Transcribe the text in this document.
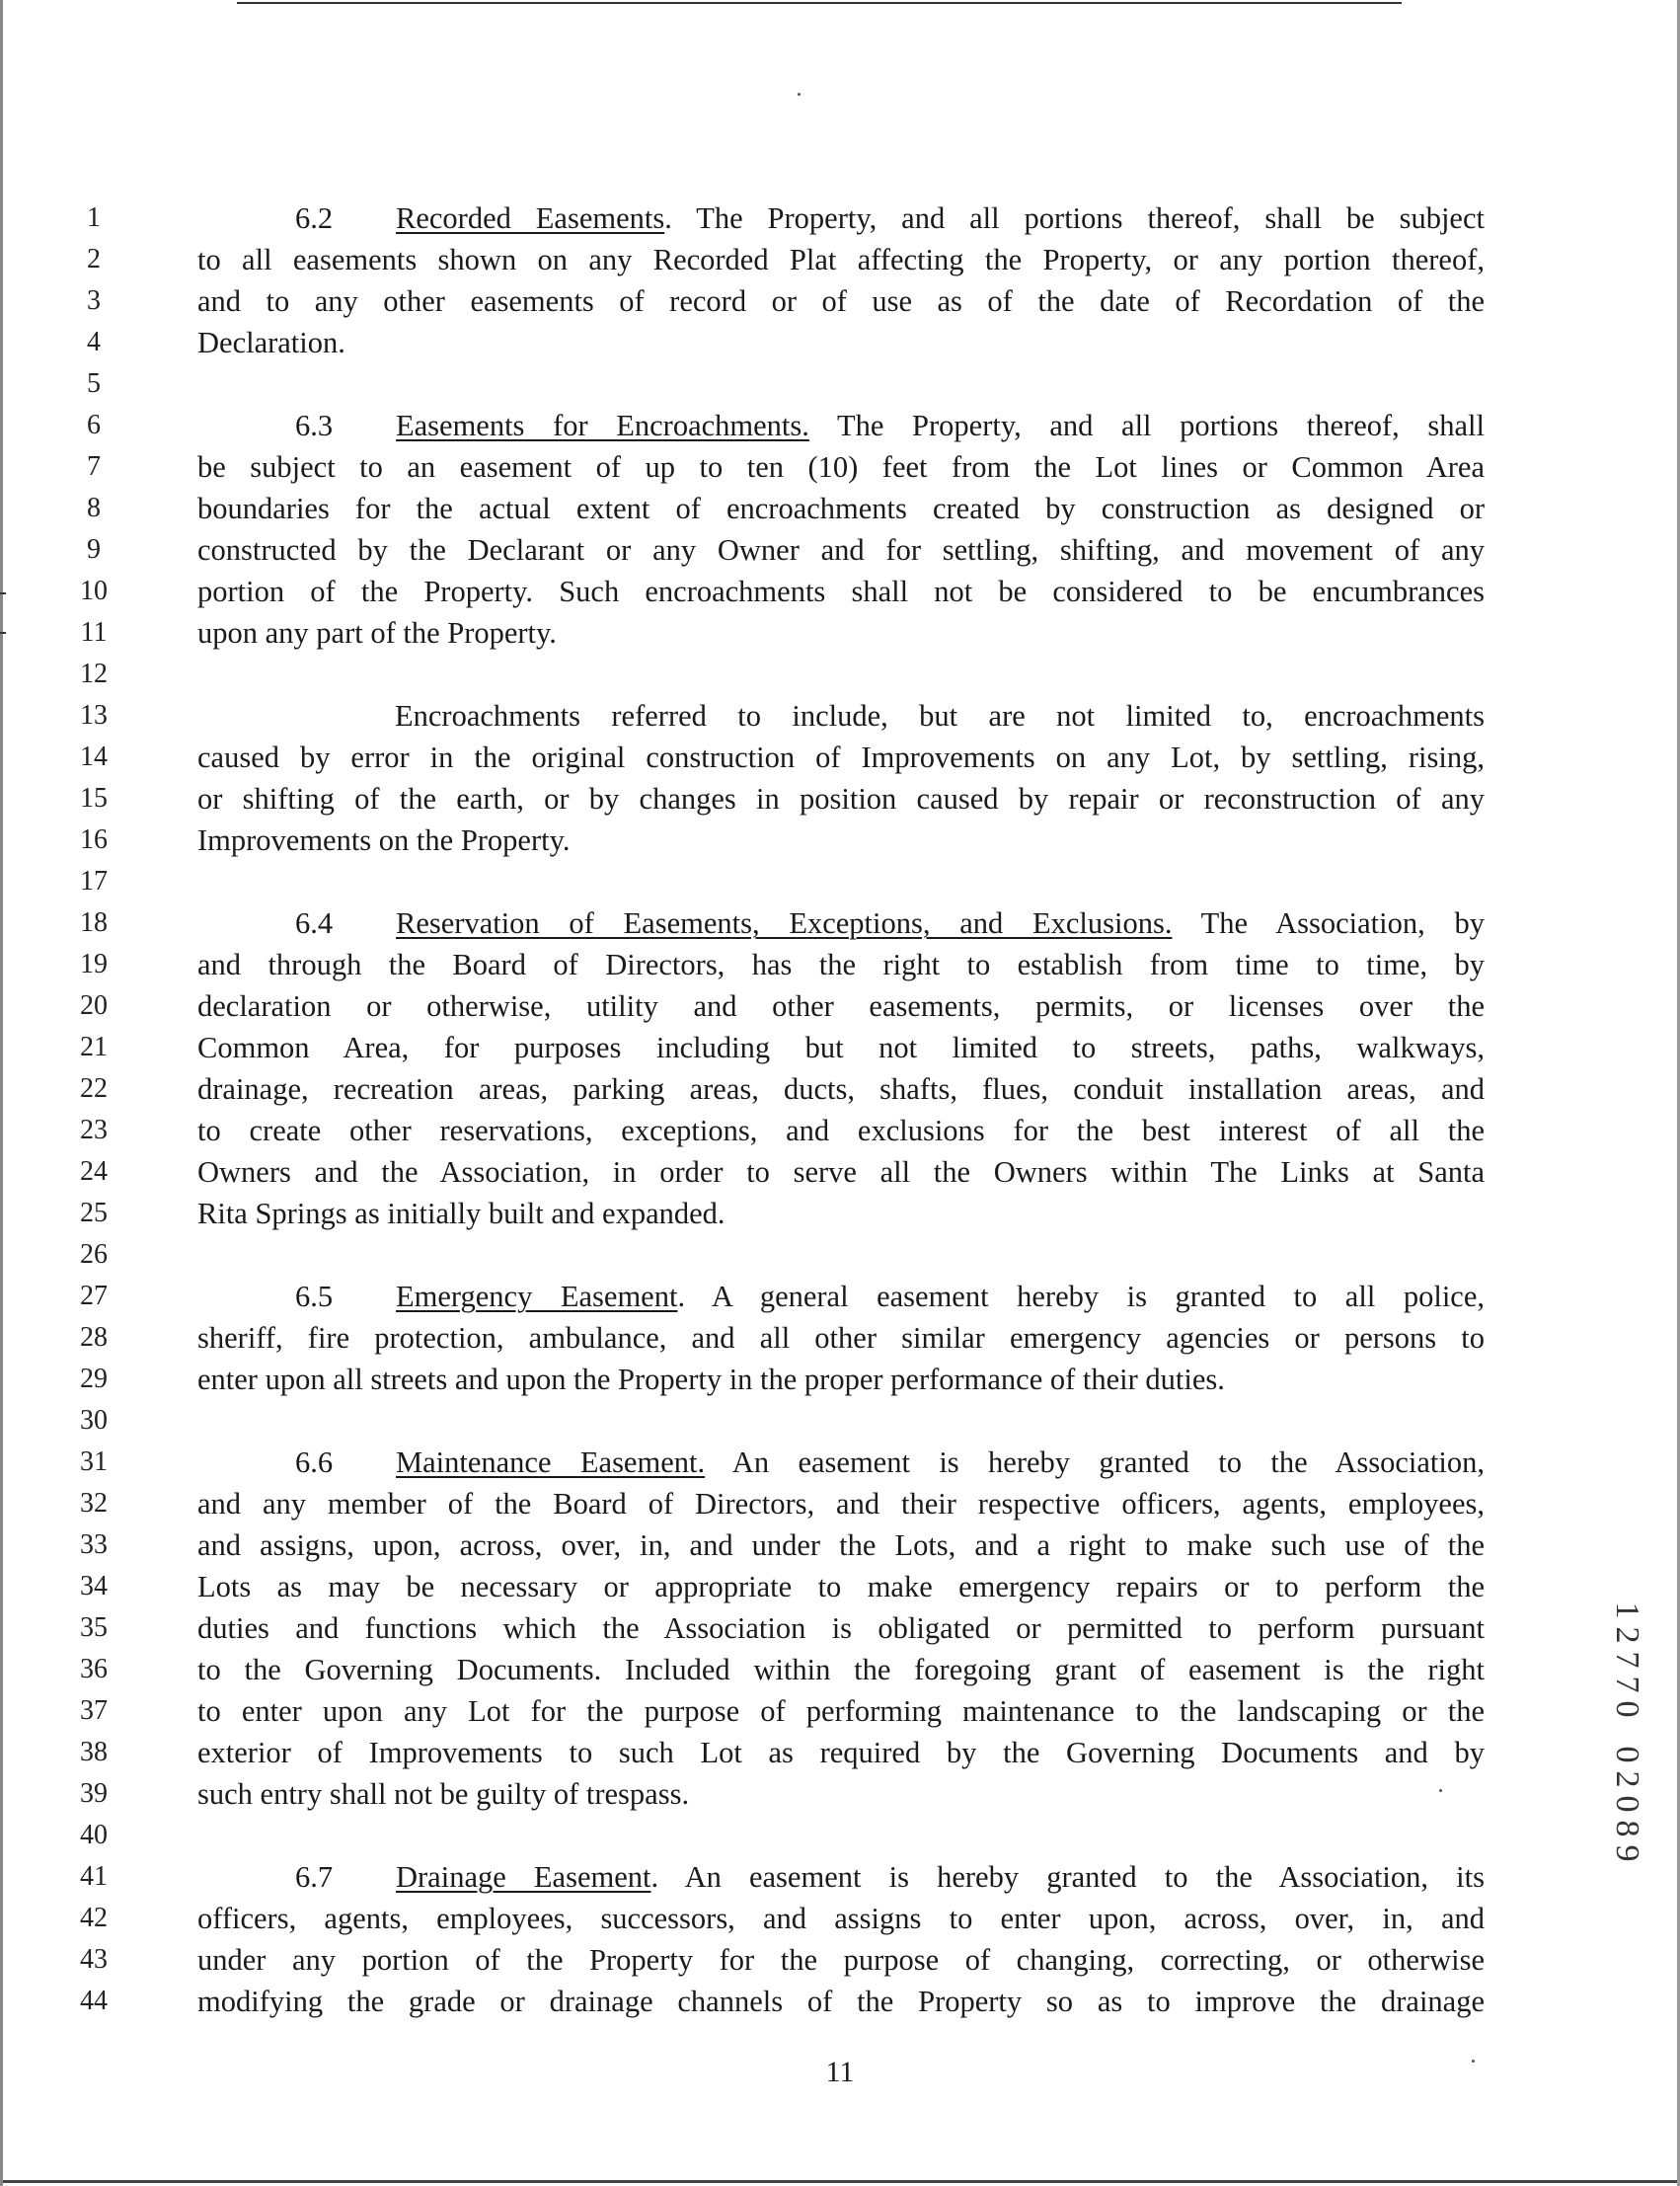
1
2
3
4
5
6
7
8
9
10
11
12
13
14
15
16
17
18
19
20
21
22
23
24
25
26
27
28
29
30
31
32
33
34
35
36
37
38
39
40
41
42
43
44
6.2 Recorded Easements. The Property, and all portions thereof, shall be subject
to all easements shown on any Recorded Plat affecting the Property, or any portion thereof,
and to any other easements of record or of use as of the date of Recordation of the
Declaration.
6.3 Easements for Encroachments. The Property, and all portions thereof, shall
be subject to an easement of up to ten (10) feet from the Lot lines or Common Area
boundaries for the actual extent of encroachments created by construction as designed or
constructed by the Declarant or any Owner and for settling, shifting, and movement of any
portion of the Property. Such encroachments shall not be considered to be encumbrances
upon any part of the Property.
Encroachments referred to include, but are not limited to, encroachments
caused by error in the original construction of Improvements on any Lot, by settling, rising,
or shifting of the earth, or by changes in position caused by repair or reconstruction of any
Improvements on the Property.
6.4 Reservation of Easements, Exceptions, and Exclusions. The Association, by
and through the Board of Directors, has the right to establish from time to time, by
declaration or otherwise, utility and other easements, permits, or licenses over the
Common Area, for purposes including but not limited to streets, paths, walkways,
drainage, recreation areas, parking areas, ducts, shafts, flues, conduit installation areas, and
to create other reservations, exceptions, and exclusions for the best interest of all the
Owners and the Association, in order to serve all the Owners within The Links at Santa
Rita Springs as initially built and expanded.
6.5 Emergency Easement. A general easement hereby is granted to all police,
sheriff, fire protection, ambulance, and all other similar emergency agencies or persons to
enter upon all streets and upon the Property in the proper performance of their duties.
6.6 Maintenance Easement. An easement is hereby granted to the Association,
and any member of the Board of Directors, and their respective officers, agents, employees,
and assigns, upon, across, over, in, and under the Lots, and a right to make such use of the
Lots as may be necessary or appropriate to make emergency repairs or to perform the
duties and functions which the Association is obligated or permitted to perform pursuant
to the Governing Documents. Included within the foregoing grant of easement is the right
to enter upon any Lot for the purpose of performing maintenance to the landscaping or the
exterior of Improvements to such Lot as required by the Governing Documents and by
such entry shall not be guilty of trespass.
6.7 Drainage Easement. An easement is hereby granted to the Association, its
officers, agents, employees, successors, and assigns to enter upon, across, over, in, and
under any portion of the Property for the purpose of changing, correcting, or otherwise
modifying the grade or drainage channels of the Property so as to improve the drainage
11
1
2
7
7
0
0
2
0
8
9
